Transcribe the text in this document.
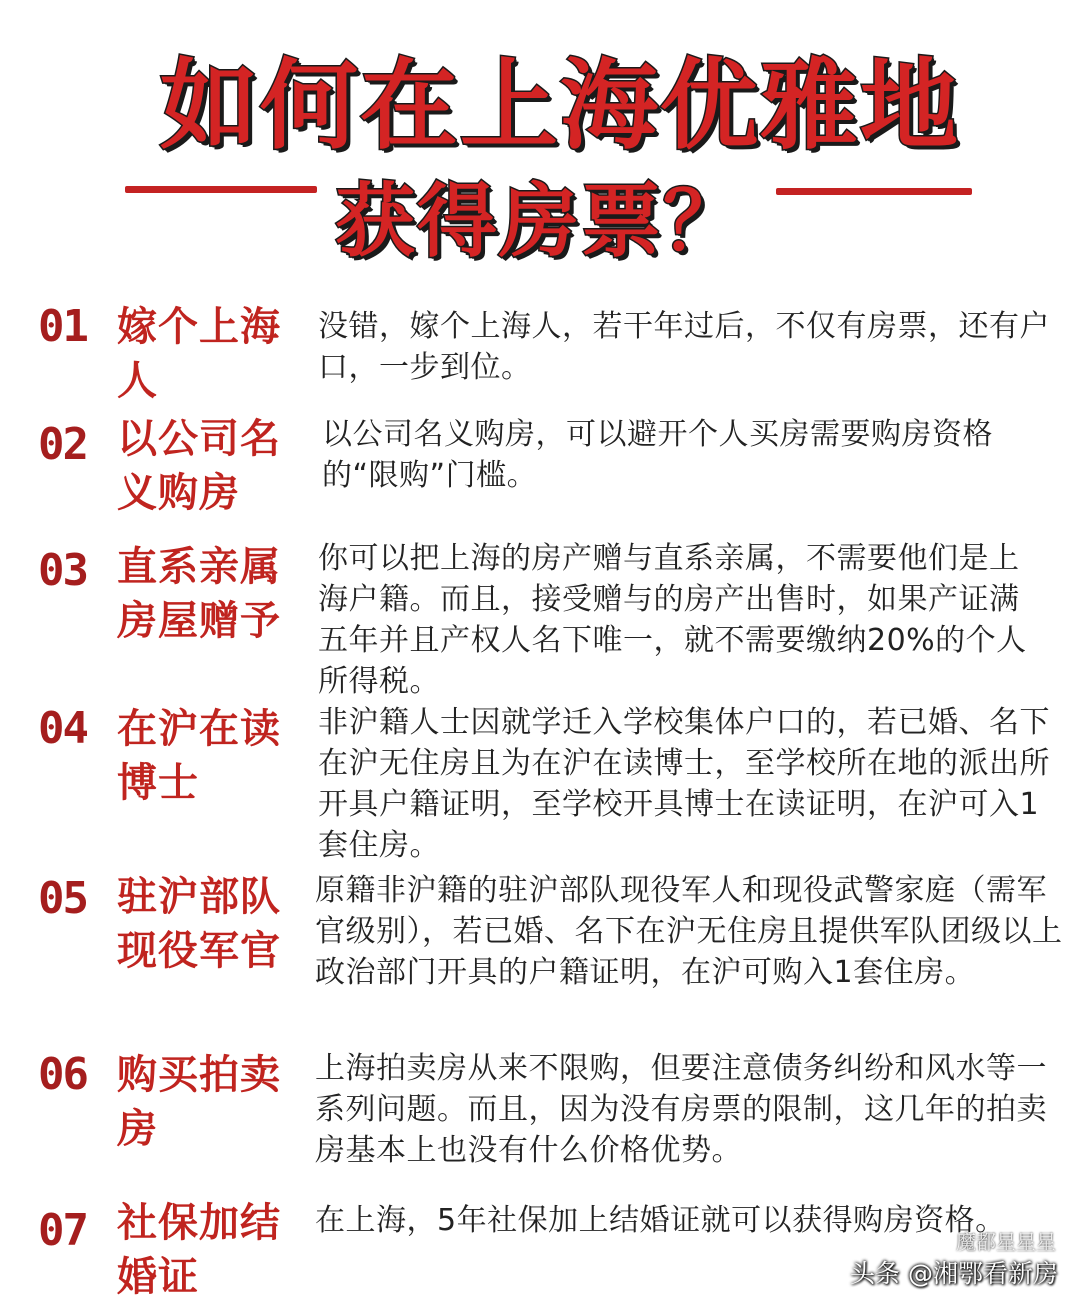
如何在上海优雅地
获得房票？
01 嫁个上海人
没错，嫁个上海人，若干年过后，不仅有房票，还有户口，一步到位。
02 以公司名义购房
以公司名义购房，可以避开个人买房需要购房资格的“限购”门槛。
03 直系亲属房屋赠予
你可以把上海的房产赠与直系亲属，不需要他们是上海户籍。而且，接受赠与的房产出售时，如果产证满五年并且产权人名下唯一，就不需要缴纳20%的个人所得税。
04 在沪在读博士
非沪籍人士因就学迁入学校集体户口的，若已婚、名下在沪无住房且为在沪在读博士，至学校所在地的派出所开具户籍证明，至学校开具博士在读证明，在沪可入1套住房。
05 驻沪部队现役军官
原籍非沪籍的驻沪部队现役军人和现役武警家庭（需军官级别），若已婚、名下在沪无住房且提供军队团级以上政治部门开具的户籍证明，在沪可购入1套住房。
06 购买拍卖房
上海拍卖房从来不限购，但要注意债务纠纷和风水等一系列问题。而且，因为没有房票的限制，这几年的拍卖房基本上也没有什么价格优势。
07 社保加结婚证
在上海，5年社保加上结婚证就可以获得购房资格。
魔都星星星
头条 @湘鄂看新房
